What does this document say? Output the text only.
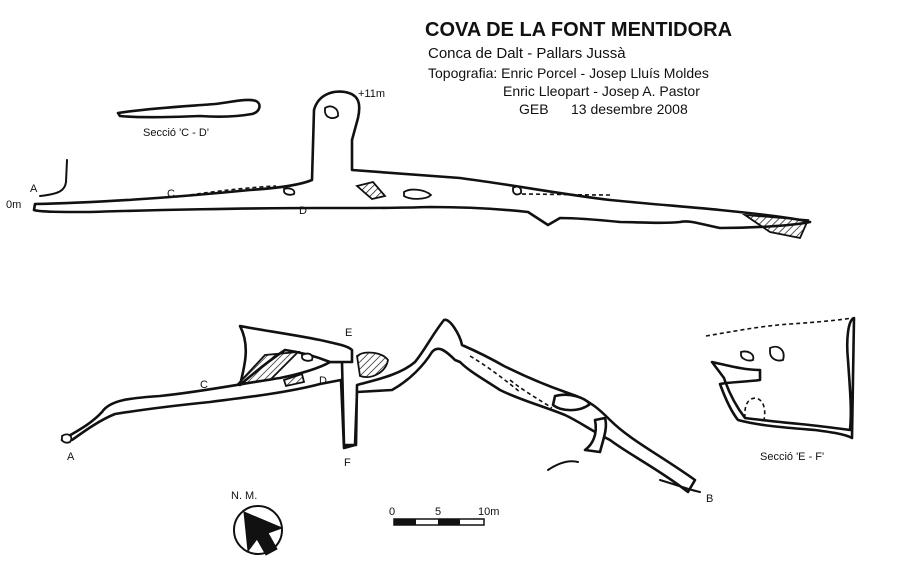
COVA DE LA FONT MENTIDORA
Conca de Dalt - Pallars Jussà
Topografia: Enric Porcel - Josep Lluís Moldes
Enric Lleopart - Josep A. Pastor
GEB 13 desembre 2008
Secció 'C - D'
+11m
0m
A	C
D
A
B
C	D
E
F	Secció 'E - F'
N. M.
0	5	10m
